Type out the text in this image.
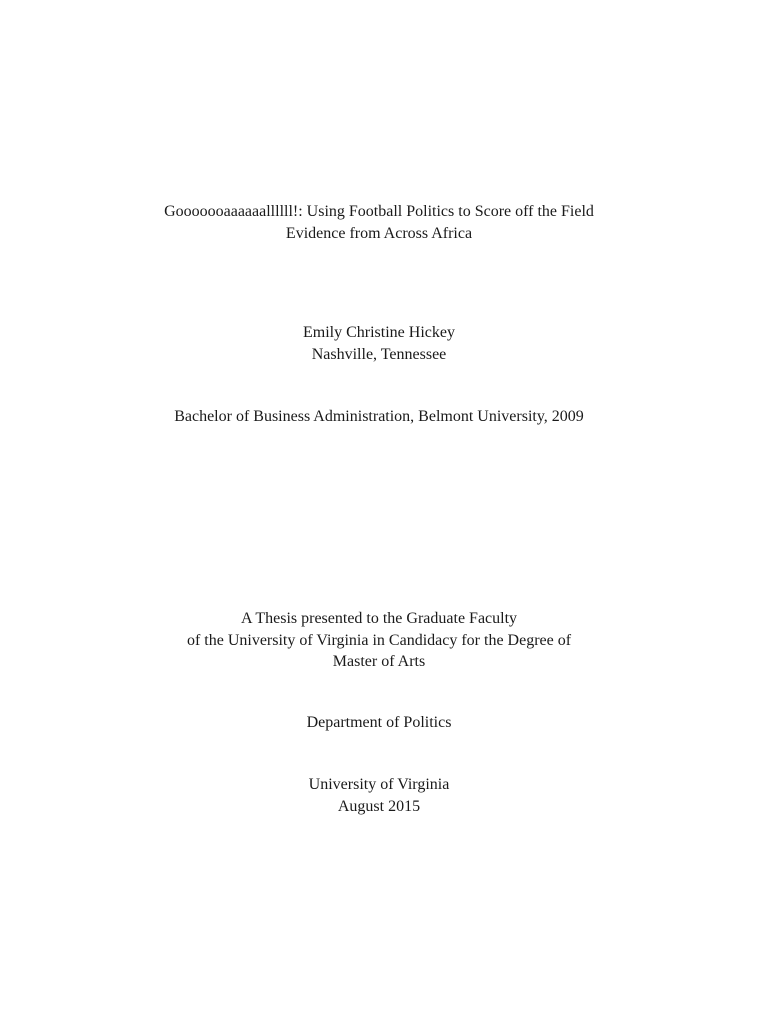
Gooooooaaaaaallllll!: Using Football Politics to Score off the Field
Evidence from Across Africa
Emily Christine Hickey
Nashville, Tennessee
Bachelor of Business Administration, Belmont University, 2009
A Thesis presented to the Graduate Faculty
of the University of Virginia in Candidacy for the Degree of
Master of Arts
Department of Politics
University of Virginia
August 2015
